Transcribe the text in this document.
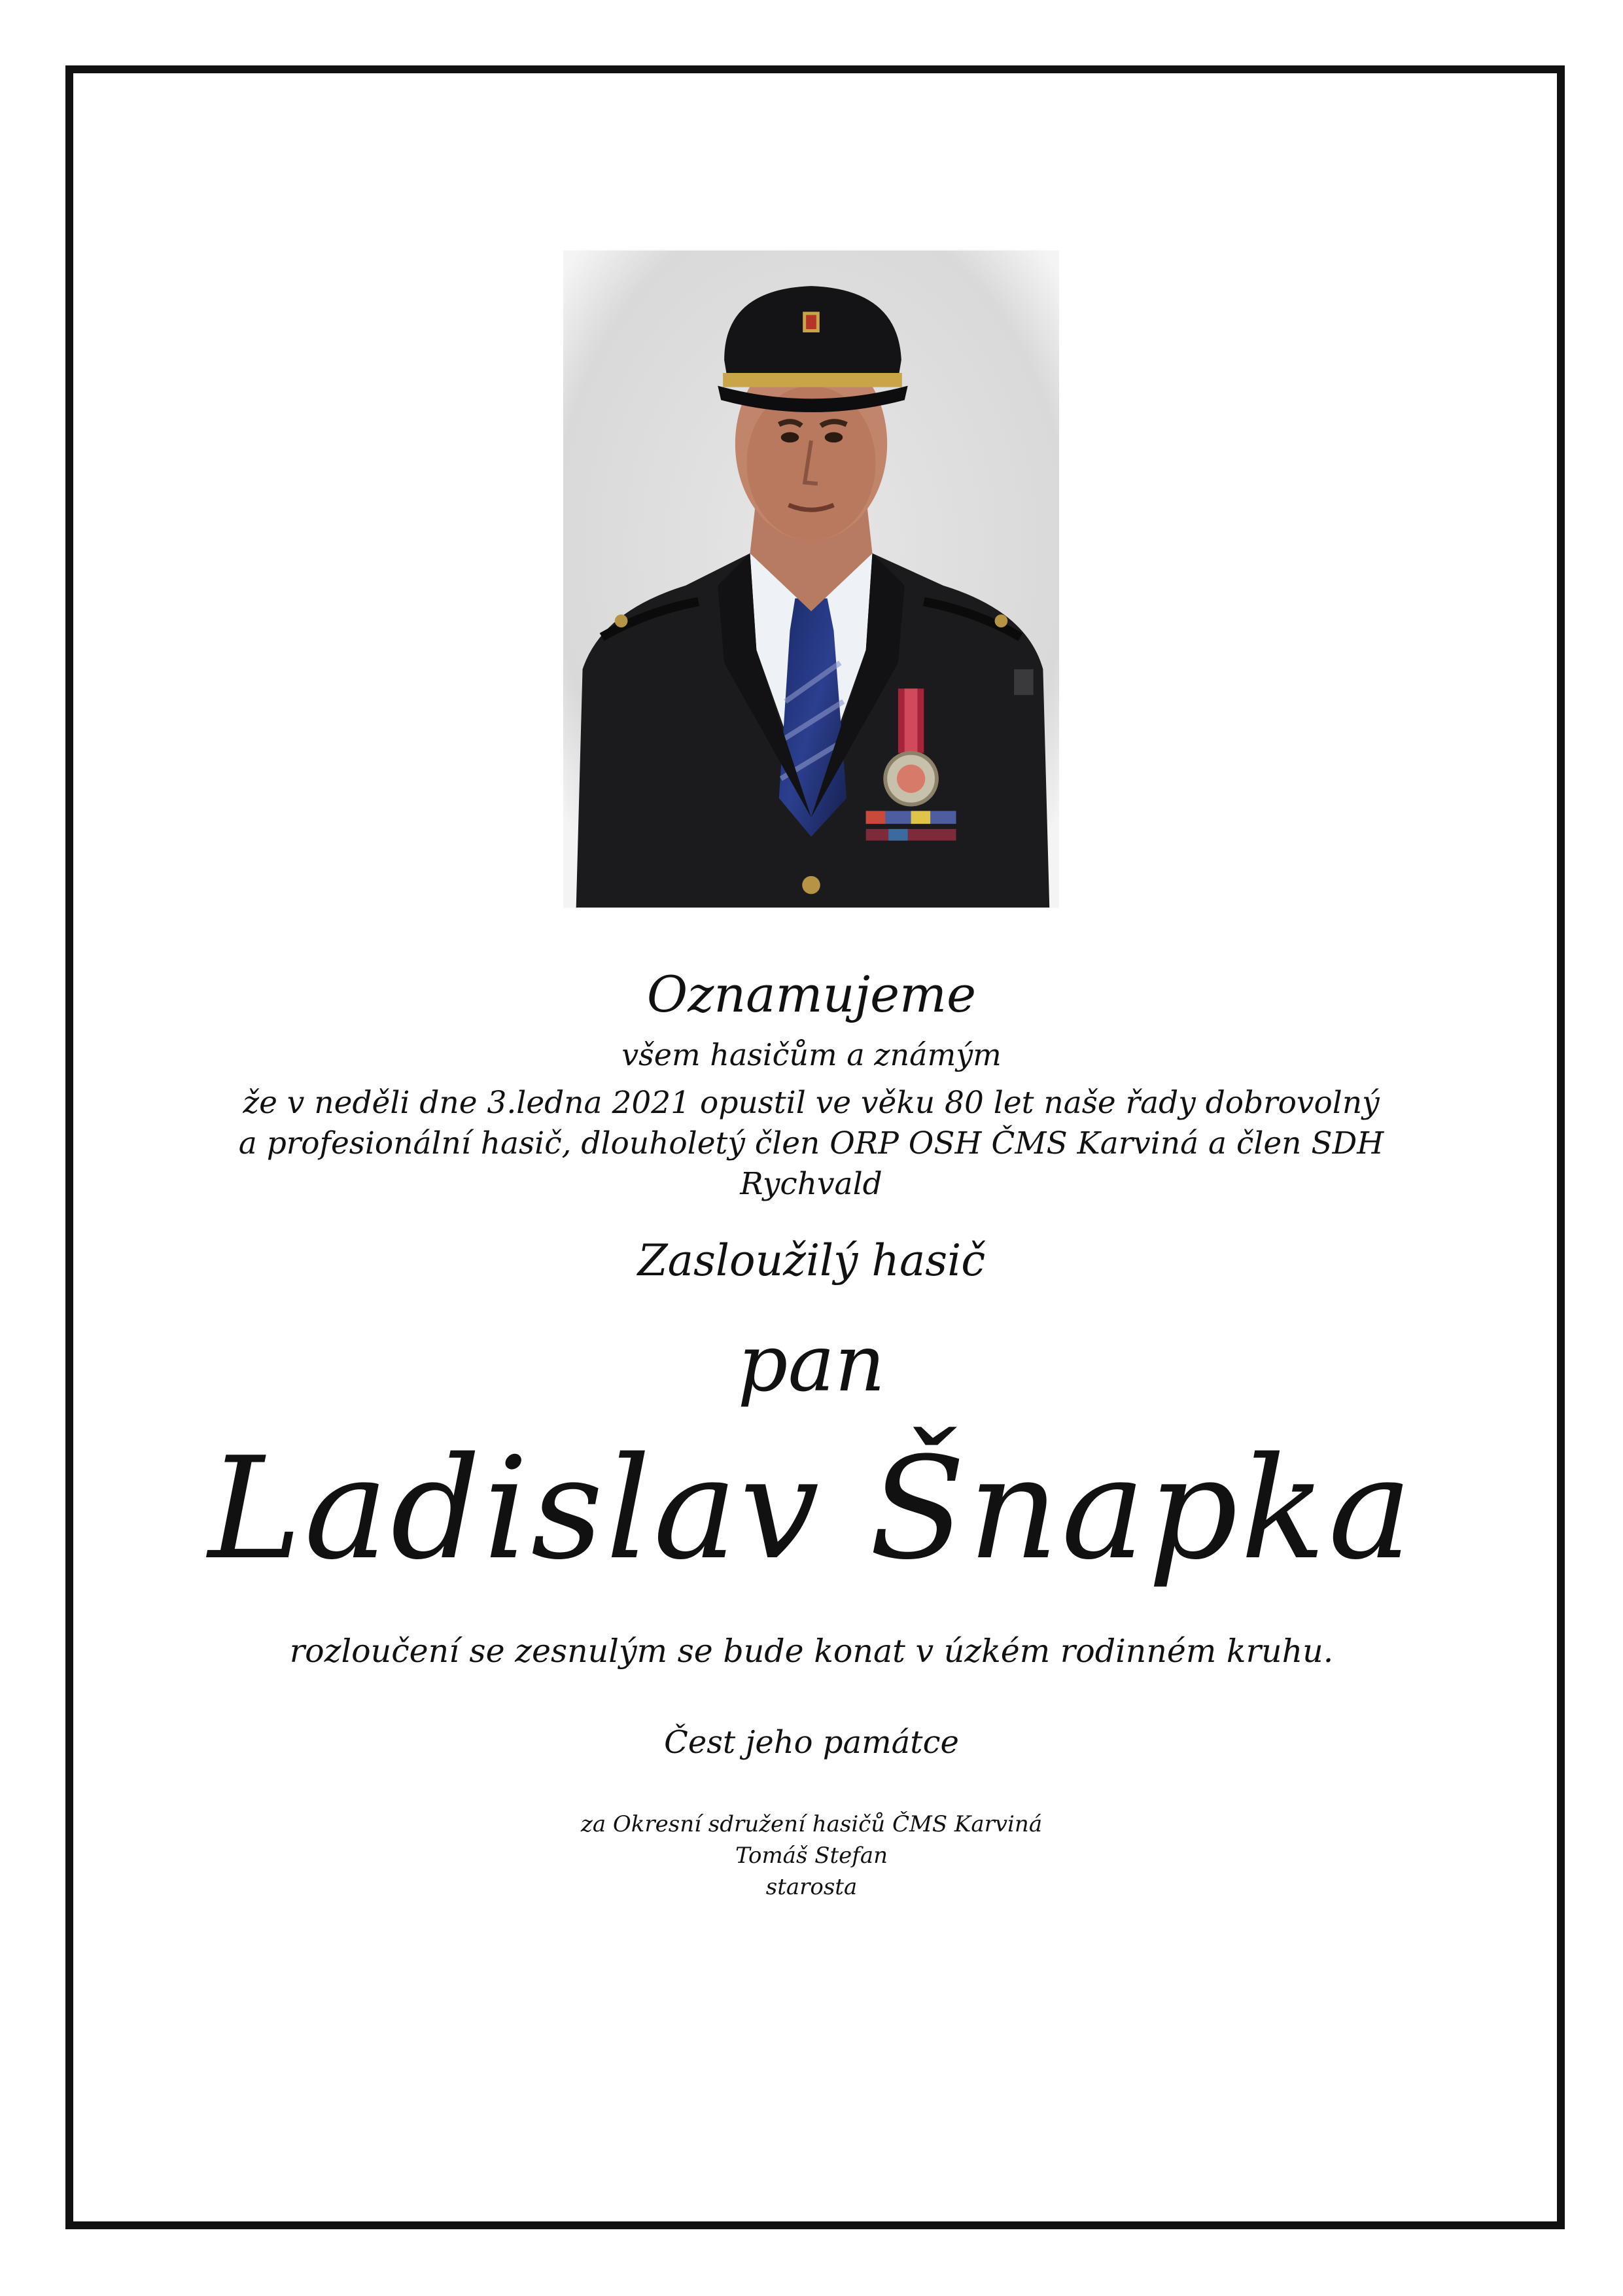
Oznamujeme
všem hasičům a známým
že v neděli dne 3.ledna 2021 opustil ve věku 80 let naše řady dobrovolný a profesionální hasič, dlouholetý člen ORP OSH ČMS Karviná a člen SDH Rychvald
Zasloužilý hasič
pan
Ladislav Šnapka
rozloučení se zesnulým se bude konat v úzkém rodinném kruhu.
Čest jeho památce
za Okresní sdružení hasičů ČMS Karviná
Tomáš Stefan
starosta
